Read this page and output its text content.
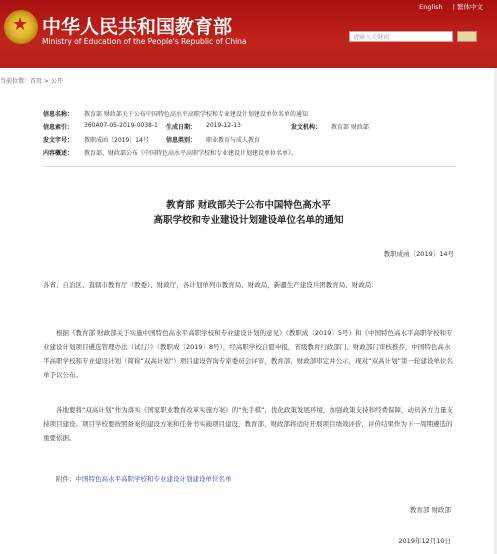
★ 中华人民共和国教育部
Ministry of Education of the People's Republic of China
English | 繁体中文
请输入关键词
当前位置：首页 > 公开
信息名称： 教育部 财政部关于公布中国特色高水平高职学校和专业建设计划建设单位名单的通知
信息索引： 360A07-05-2019-0038-1 生成日期： 2019-12-13	发文机构： 教育部 财政部
发文字号： 教职成函〔2019〕14号	信息类别： 职业教育与成人教育
内容概述： 教育部、财政部公布《中国特色高水平高职学校和专业建设计划建设单位名单》。
教育部 财政部关于公布中国特色高水平
高职学校和专业建设计划建设单位名单的通知
教职成函〔2019〕14号
各省、自治区、直辖市教育厅（教委）、财政厅，各计划单列市教育局、财政局，新疆生产建设兵团教育局、财政局：
根据《教育部 财政部关于实施中国特色高水平高职学校和专业建设计划的意见》（教职成〔2019〕5号）和《中国特色高水平高职学校和专业建设计划项目遴选管理办法（试行）》（教职成〔2019〕8号），经高职学校自愿申报，省级教育行政部门、财政部门审核推荐，中国特色高水平高职学校和专业建设计划（简称“双高计划”）项目建设咨询专家委员会评审，教育部、财政部审定并公示，现对“双高计划”第一轮建设单位名单予以公布。
各地要将“双高计划”作为落实《国家职业教育改革实施方案》的“先手棋”，优化政策发展环境，加强政策支持和经费保障，动员各方力量支持项目建设。项目学校要按照备案的建设方案和任务书实施项目建设，教育部、财政部将适时开展项目绩效评价，评价结果作为下一周期遴选的重要依据。
附件：中国特色高水平高职学校和专业建设计划建设单位名单
教育部 财政部
2019年12月10日
